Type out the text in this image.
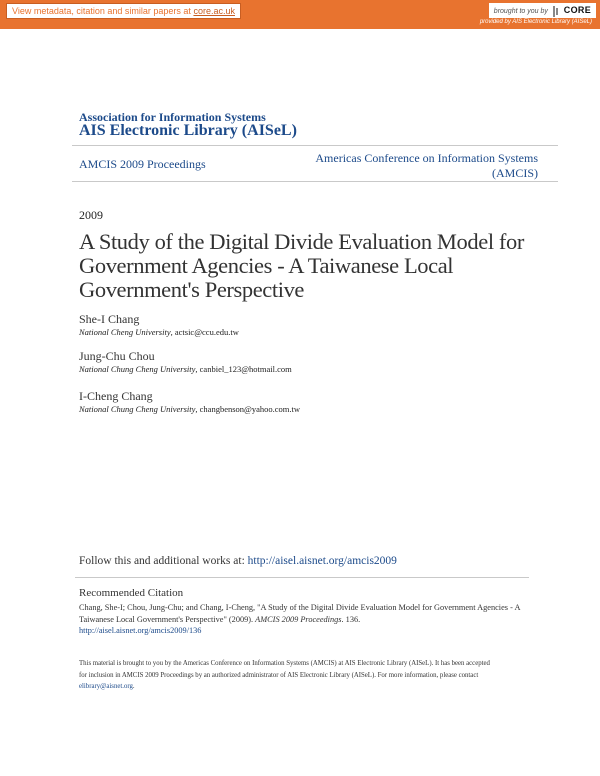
View metadata, citation and similar papers at core.ac.uk	brought to you by CORE
provided by AIS Electronic Library (AISeL)
Association for Information Systems
AIS Electronic Library (AISeL)
AMCIS 2009 Proceedings	Americas Conference on Information Systems
(AMCIS)
2009
A Study of the Digital Divide Evaluation Model for Government Agencies - A Taiwanese Local Government's Perspective
She-I Chang
National Cheng University, actsic@ccu.edu.tw
Jung-Chu Chou
National Chung Cheng University, canbiel_123@hotmail.com
I-Cheng Chang
National Chung Cheng University, changbenson@yahoo.com.tw
Follow this and additional works at: http://aisel.aisnet.org/amcis2009
Recommended Citation
Chang, She-I; Chou, Jung-Chu; and Chang, I-Cheng, "A Study of the Digital Divide Evaluation Model for Government Agencies - A Taiwanese Local Government's Perspective" (2009). AMCIS 2009 Proceedings. 136.
http://aisel.aisnet.org/amcis2009/136
This material is brought to you by the Americas Conference on Information Systems (AMCIS) at AIS Electronic Library (AISeL). It has been accepted
for inclusion in AMCIS 2009 Proceedings by an authorized administrator of AIS Electronic Library (AISeL). For more information, please contact
elibrary@aisnet.org.
